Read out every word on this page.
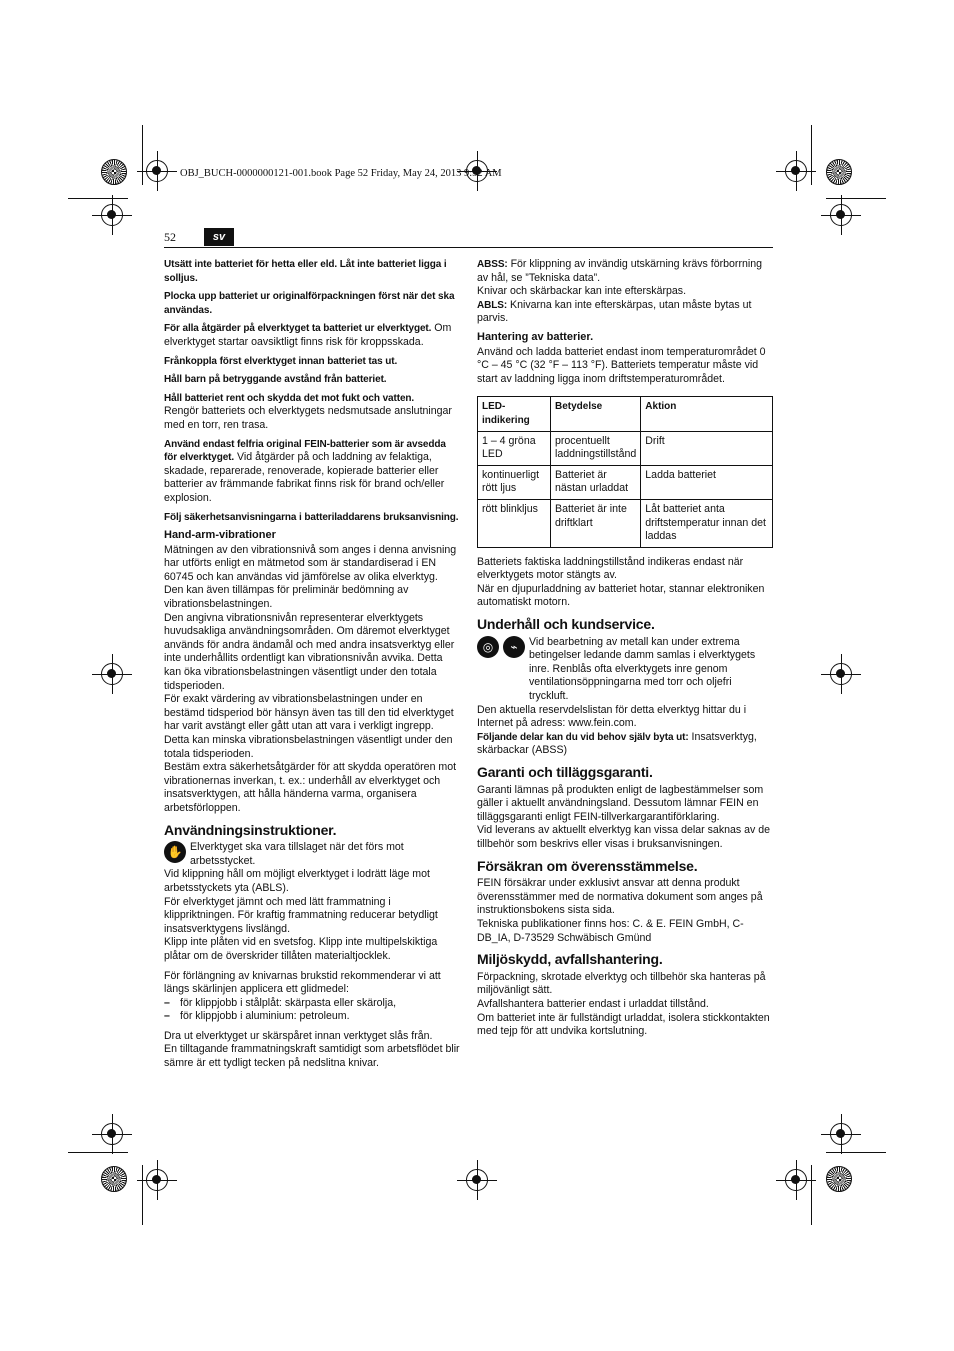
OBJ_BUCH-0000000121-001.book Page 52 Friday, May 24, 2013 9:52 AM
52	sv

Utsätt inte batteriet för hetta eller eld. Låt inte batteriet ligga i solljus.

Plocka upp batteriet ur originalförpackningen först när det ska användas.

För alla åtgärder på elverktyget ta batteriet ur elverktyget. Om elverktyget startar oavsiktligt finns risk för kroppsskada.

Frånkoppla först elverktyget innan batteriet tas ut.

Håll barn på betryggande avstånd från batteriet.

Håll batteriet rent och skydda det mot fukt och vatten.
Rengör batteriets och elverktygets nedsmutsade anslutningar med en torr, ren trasa.

Använd endast felfria original FEIN-batterier som är avsedda för elverktyget. Vid åtgärder på och laddning av felaktiga, skadade, reparerade, renoverade, kopierade batterier eller batterier av främmande fabrikat finns risk för brand och/eller explosion.

Följ säkerhetsanvisningarna i batteriladdarens bruksanvisning.

Hand-arm-vibrationer
Mätningen av den vibrationsnivå som anges i denna anvisning har utförts enligt en mätmetod som är standardiserad i EN 60745 och kan användas vid jämförelse av olika elverktyg. Den kan även tillämpas för preliminär bedömning av vibrationsbelastningen.
Den angivna vibrationsnivån representerar elverktygets huvudsakliga användningsområden. Om däremot elverktyget används för andra ändamål och med andra insatsverktyg eller inte underhållits ordentligt kan vibrationsnivån avvika. Detta kan öka vibrationsbelastningen väsentligt under den totala tidsperioden.
För exakt värdering av vibrationsbelastningen under en bestämd tidsperiod bör hänsyn även tas till den tid elverktyget har varit avstängt eller gått utan att vara i verkligt ingrepp. Detta kan minska vibrationsbelastningen väsentligt under den totala tidsperioden.
Bestäm extra säkerhetsåtgärder för att skydda operatören mot vibrationernas inverkan, t. ex.: underhåll av elverktyget och insatsverktygen, att hålla händerna varma, organisera arbetsförloppen.
Användningsinstruktioner.
✋ Elverktyget ska vara tillslaget när det förs mot arbetsstycket.
Vid klippning håll om möjligt elverktyget i lodrätt läge mot arbetsstyckets yta (ABLS).
För elverktyget jämnt och med lätt frammatning i klippriktningen. För kraftig frammatning reducerar betydligt insatsverktygens livslängd.
Klipp inte plåten vid en svetsfog. Klipp inte multipelskiktiga plåtar om de överskrider tillåten materialtjocklek.

För förlängning av knivarnas brukstid rekommenderar vi att längs skärlinjen applicera ett glidmedel:

– för klippjobb i stålplåt: skärpasta eller skärolja,
– för klippjobb i aluminium: petroleum.
Dra ut elverktyget ur skärspåret innan verktyget slås från.
En tilltagande frammatningskraft samtidigt som arbetsflödet blir sämre är ett tydligt tecken på nedslitna knivar.
ABSS: För klippning av invändig utskärning krävs förborrning av hål, se ”Tekniska data”.
Knivar och skärbackar kan inte efterskärpas.

ABLS: Knivarna kan inte efterskärpas, utan måste bytas ut parvis.

Hantering av batterier.
Använd och ladda batteriet endast inom temperaturområdet 0 °C – 45 °C (32 °F – 113 °F). Batteriets temperatur måste vid start av laddning ligga inom driftstemperaturområdet.
LED-indikering	Betydelse	Aktion
1 – 4 gröna LED	procentuellt laddningstillstånd	Drift
kontinuerligt rött ljus	Batteriet är nästan urladdat	Ladda batteriet
rött blinkljus	Batteriet är inte driftklart	Låt batteriet anta driftstemperatur innan det laddas
Batteriets faktiska laddningstillstånd indikeras endast när elverktygets motor stängts av.
När en djupurladdning av batteriet hotar, stannar elektroniken automatiskt motorn.
Underhåll och kundservice.
◎	⌁	Vid bearbetning av metall kan under extrema betingelser ledande damm samlas i elverktygets inre. Renblås ofta elverktygets inre genom ventilationsöppningarna med torr och oljefri tryckluft.
Den aktuella reservdelslistan för detta elverktyg hittar du i Internet på adress: www.fein.com.

Följande delar kan du vid behov själv byta ut: Insatsverktyg, skärbackar (ABSS)

Garanti och tilläggsgaranti.
Garanti lämnas på produkten enligt de lagbestämmelser som gäller i aktuellt användningsland. Dessutom lämnar FEIN en tilläggsgaranti enligt FEIN-tillverkargarantiförklaring.
Vid leverans av aktuellt elverktyg kan vissa delar saknas av de tillbehör som beskrivs eller visas i bruksanvisningen.
Försäkran om överensstämmelse.
FEIN försäkrar under exklusivt ansvar att denna produkt överensstämmer med de normativa dokument som anges på instruktionsbokens sista sida.
Tekniska publikationer finns hos: C. & E. FEIN GmbH, C-DB_IA, D-73529 Schwäbisch Gmünd
Miljöskydd, avfallshantering.
Förpackning, skrotade elverktyg och tillbehör ska hanteras på miljövänligt sätt.
Avfallshantera batterier endast i urladdat tillstånd.
Om batteriet inte är fullständigt urladdat, isolera stickkontakten med tejp för att undvika kortslutning.
